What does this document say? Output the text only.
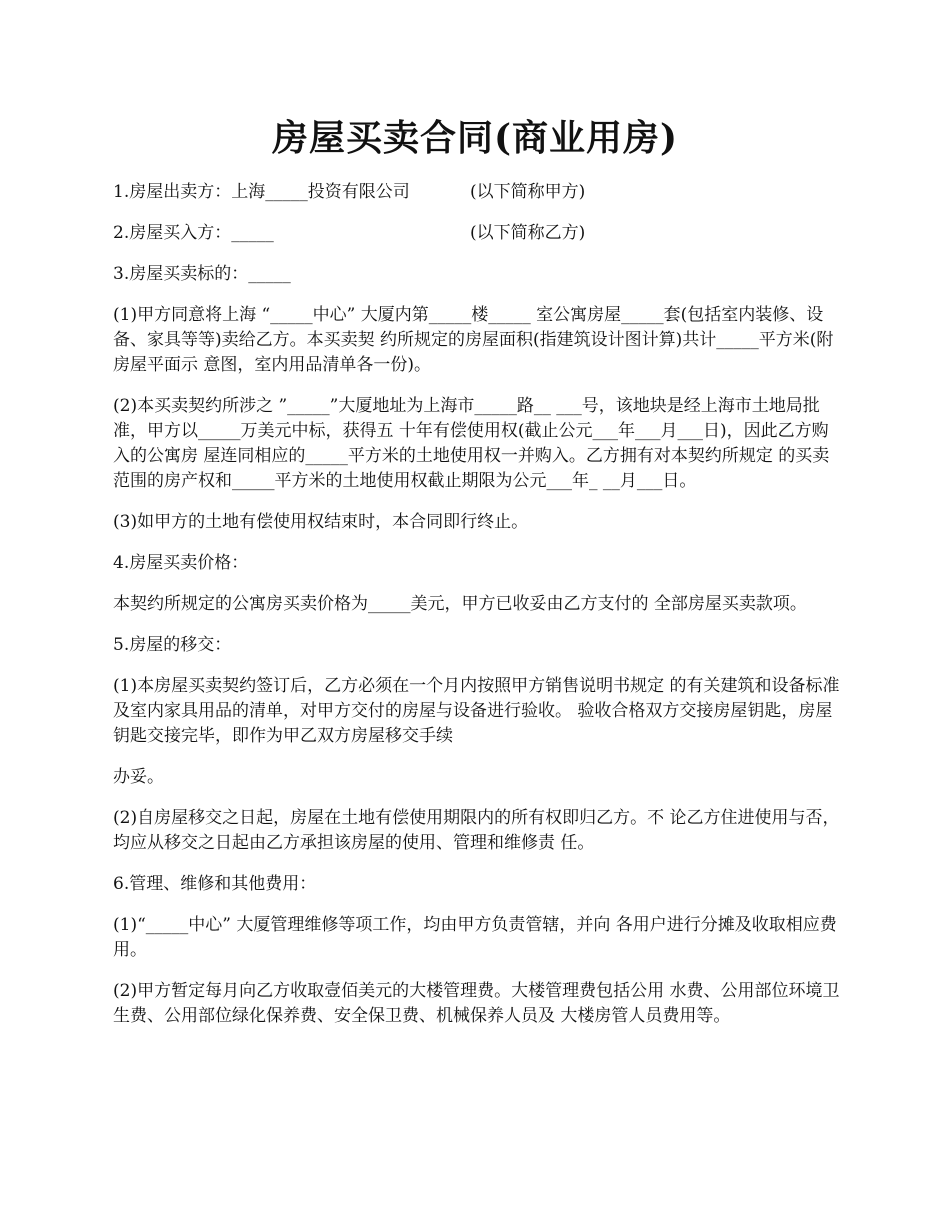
房屋买卖合同(商业用房)
1.房屋出卖方：上海_____投资有限公司	(以下简称甲方)
2.房屋买入方：_____	(以下简称乙方)

3.房屋买卖标的：_____

(1)甲方同意将上海 “_____中心” 大厦内第_____楼_____ 室公寓房屋_____套(包括室内装修、设备、家具等等)卖给乙方。本买卖契 约所规定的房屋面积(指建筑设计图计算)共计_____平方米(附房屋平面示 意图，室内用品清单各一份)。

(2)本买卖契约所涉之 ”_____”大厦地址为上海市_____路__ ___号，该地块是经上海市土地局批准，甲方以_____万美元中标，获得五 十年有偿使用权(截止公元___年___月___日)，因此乙方购入的公寓房 屋连同相应的_____平方米的土地使用权一并购入。乙方拥有对本契约所规定 的买卖范围的房产权和_____平方米的土地使用权截止期限为公元___年_ __月___日。

(3)如甲方的土地有偿使用权结束时，本合同即行终止。

4.房屋买卖价格：

本契约所规定的公寓房买卖价格为_____美元，甲方已收妥由乙方支付的 全部房屋买卖款项。

5.房屋的移交：

(1)本房屋买卖契约签订后，乙方必须在一个月内按照甲方销售说明书规定 的有关建筑和设备标准及室内家具用品的清单，对甲方交付的房屋与设备进行验收。 验收合格双方交接房屋钥匙，房屋钥匙交接完毕，即作为甲乙双方房屋移交手续

办妥。

(2)自房屋移交之日起，房屋在土地有偿使用期限内的所有权即归乙方。不 论乙方住进使用与否，均应从移交之日起由乙方承担该房屋的使用、管理和维修责 任。

6.管理、维修和其他费用：

(1)“_____中心” 大厦管理维修等项工作，均由甲方负责管辖，并向 各用户进行分摊及收取相应费用。

(2)甲方暂定每月向乙方收取壹佰美元的大楼管理费。大楼管理费包括公用 水费、公用部位环境卫生费、公用部位绿化保养费、安全保卫费、机械保养人员及 大楼房管人员费用等。
